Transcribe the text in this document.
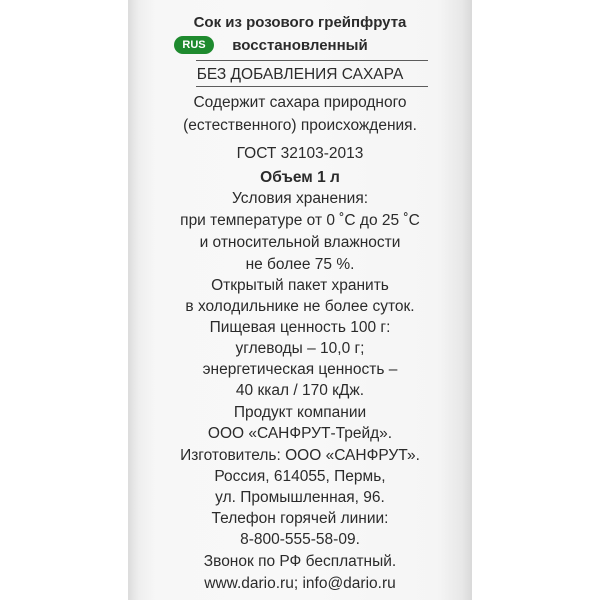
Сок из розового грейпфрута
RUS	восстановленный
БЕЗ ДОБАВЛЕНИЯ САХАРА
Содержит сахара природного
(естественного) происхождения.
ГОСТ 32103-2013
Объем 1 л
Условия хранения:
при температуре от 0 ˚С до 25 ˚С
и относительной влажности
не более 75 %.
Открытый пакет хранить
в холодильнике не более суток.
Пищевая ценность 100 г:
углеводы – 10,0 г;
энергетическая ценность –
40 ккал / 170 кДж.
Продукт компании
ООО «САНФРУТ-Трейд».
Изготовитель: ООО «САНФРУТ».
Россия, 614055, Пермь,
ул. Промышленная, 96.
Телефон горячей линии:
8-800-555-58-09.
Звонок по РФ бесплатный.
www.dario.ru; info@dario.ru
